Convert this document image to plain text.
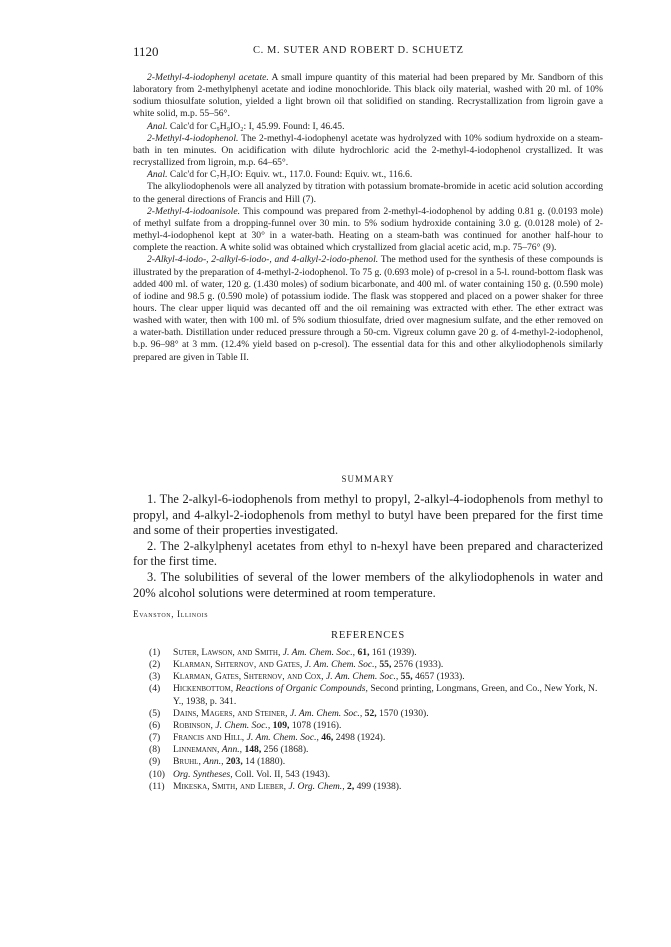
1120	C. M. SUTER AND ROBERT D. SCHUETZ

2-Methyl-4-iodophenyl acetate. A small impure quantity of this material had been prepared by Mr. Sandborn of this laboratory from 2-methylphenyl acetate and iodine monochloride. This black oily material, washed with 20 ml. of 10% sodium thiosulfate solution, yielded a light brown oil that solidified on standing. Recrystallization from ligroin gave a white solid, m.p. 55–56°.

Anal. Calc'd for C₉H₉IO₂: I, 45.99. Found: I, 46.45.

2-Methyl-4-iodophenol. The 2-methyl-4-iodophenyl acetate was hydrolyzed with 10% sodium hydroxide on a steam-bath in ten minutes. On acidification with dilute hydrochloric acid the 2-methyl-4-iodophenol crystallized. It was recrystallized from ligroin, m.p. 64–65°.

Anal. Calc'd for C₇H₇IO: Equiv. wt., 117.0. Found: Equiv. wt., 116.6.

The alkyliodophenols were all analyzed by titration with potassium bromate-bromide in acetic acid solution according to the general directions of Francis and Hill (7).

2-Methyl-4-iodoanisole. This compound was prepared from 2-methyl-4-iodophenol by adding 0.81 g. (0.0193 mole) of methyl sulfate from a dropping-funnel over 30 min. to 5% sodium hydroxide containing 3.0 g. (0.0128 mole) of 2-methyl-4-iodophenol kept at 30° in a water-bath. Heating on a steam-bath was continued for another half-hour to complete the reaction. A white solid was obtained which crystallized from glacial acetic acid, m.p. 75–76° (9).

2-Alkyl-4-iodo-, 2-alkyl-6-iodo-, and 4-alkyl-2-iodo-phenol. The method used for the synthesis of these compounds is illustrated by the preparation of 4-methyl-2-iodophenol. To 75 g. (0.693 mole) of p-cresol in a 5-l. round-bottom flask was added 400 ml. of water, 120 g. (1.430 moles) of sodium bicarbonate, and 400 ml. of water containing 150 g. (0.590 mole) of iodine and 98.5 g. (0.590 mole) of potassium iodide. The flask was stoppered and placed on a power shaker for three hours. The clear upper liquid was decanted off and the oil remaining was extracted with ether. The ether extract was washed with water, then with 100 ml. of 5% sodium thiosulfate, dried over magnesium sulfate, and the ether removed on a water-bath. Distillation under reduced pressure through a 50-cm. Vigreux column gave 20 g. of 4-methyl-2-iodophenol, b.p. 96–98° at 3 mm. (12.4% yield based on p-cresol). The essential data for this and other alkyliodophenols similarly prepared are given in Table II.

SUMMARY

1. The 2-alkyl-6-iodophenols from methyl to propyl, 2-alkyl-4-iodophenols from methyl to propyl, and 4-alkyl-2-iodophenols from methyl to butyl have been prepared for the first time and some of their properties investigated.

2. The 2-alkylphenyl acetates from ethyl to n-hexyl have been prepared and characterized for the first time.

3. The solubilities of several of the lower members of the alkyliodophenols in water and 20% alcohol solutions were determined at room temperature.

Evanston, Illinois

REFERENCES

(1) Suter, Lawson, and Smith, J. Am. Chem. Soc., 61, 161 (1939).

(2) Klarman, Shternov, and Gates, J. Am. Chem. Soc., 55, 2576 (1933).

(3) Klarman, Gates, Shternov, and Cox, J. Am. Chem. Soc., 55, 4657 (1933).

(4) Hickenbottom, Reactions of Organic Compounds, Second printing, Longmans, Green, and Co., New York, N. Y., 1938, p. 341.

(5) Dains, Magers, and Steiner, J. Am. Chem. Soc., 52, 1570 (1930).

(6) Robinson, J. Chem. Soc., 109, 1078 (1916).

(7) Francis and Hill, J. Am. Chem. Soc., 46, 2498 (1924).

(8) Linnemann, Ann., 148, 256 (1868).

(9) Bruhl, Ann., 203, 14 (1880).

(10) Org. Syntheses, Coll. Vol. II, 543 (1943).

(11) Mikeska, Smith, and Lieber, J. Org. Chem., 2, 499 (1938).
